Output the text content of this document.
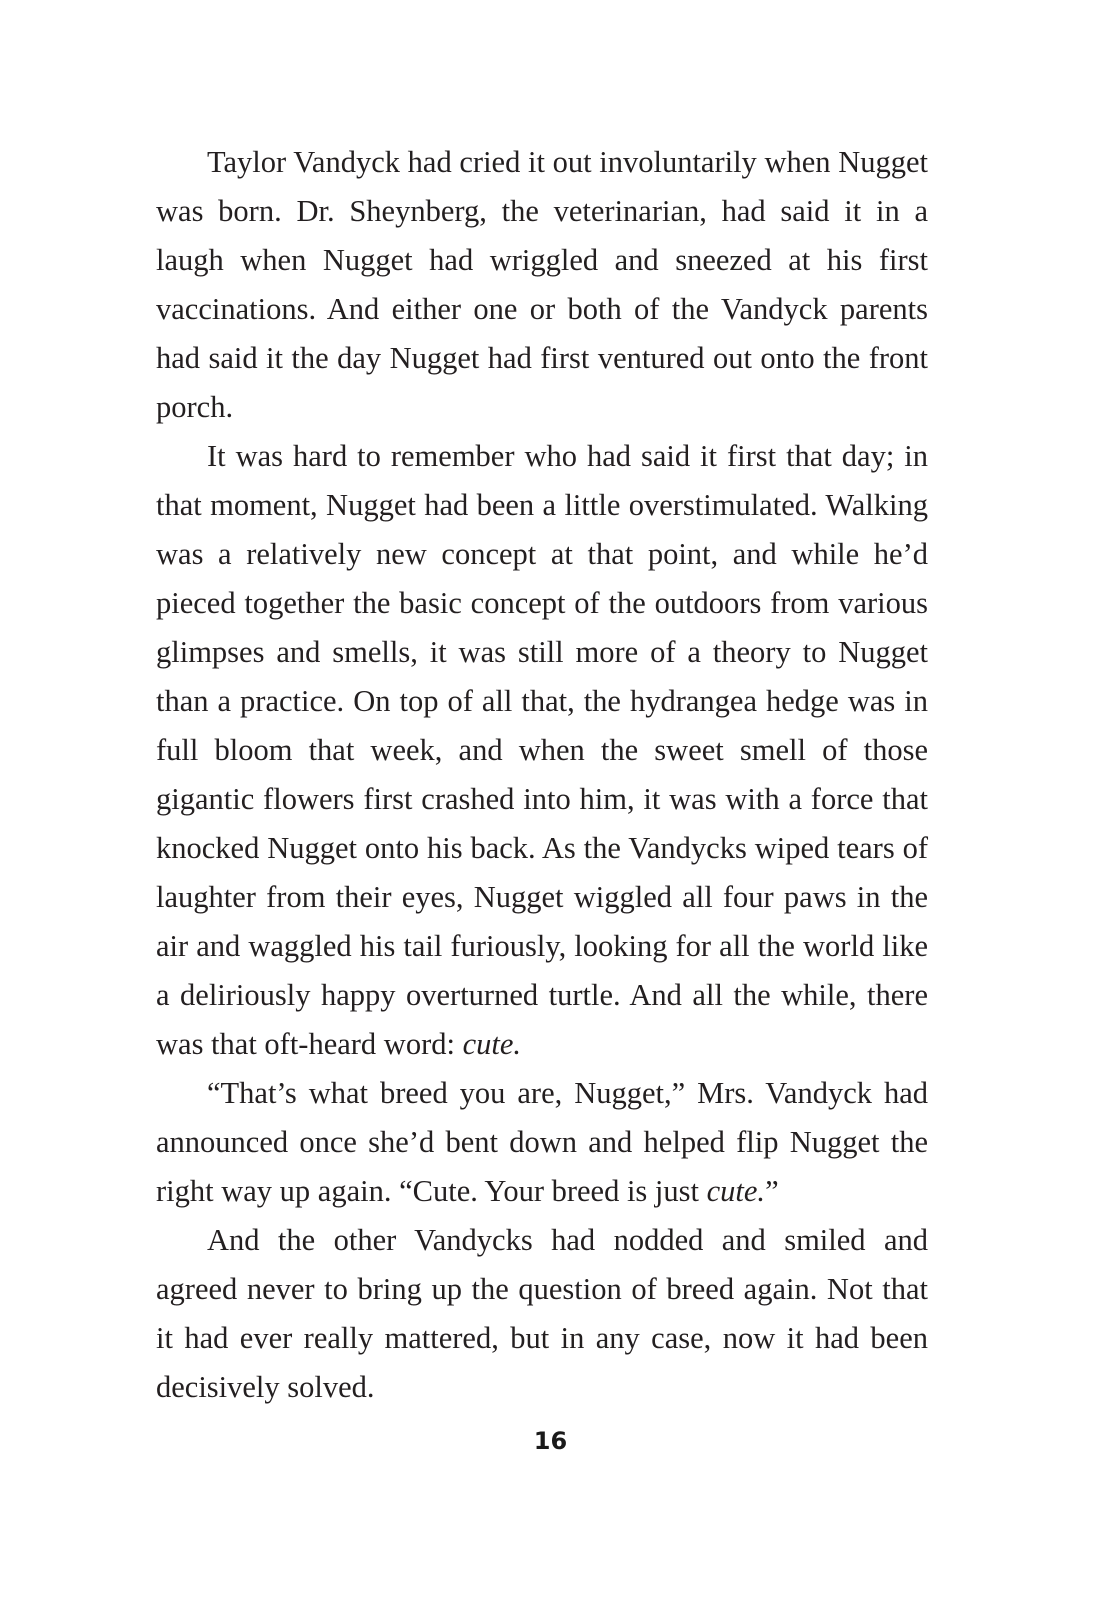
Taylor Vandyck had cried it out involuntarily when Nugget was born. Dr. Sheynberg, the veterinarian, had said it in a laugh when Nugget had wriggled and sneezed at his first vaccinations. And either one or both of the Vandyck parents had said it the day Nugget had first ventured out onto the front porch.

It was hard to remember who had said it first that day; in that moment, Nugget had been a little overstimulated. Walking was a relatively new concept at that point, and while he’d pieced together the basic concept of the outdoors from various glimpses and smells, it was still more of a theory to Nugget than a practice. On top of all that, the hydrangea hedge was in full bloom that week, and when the sweet smell of those gigantic flowers first crashed into him, it was with a force that knocked Nugget onto his back. As the Vandycks wiped tears of laughter from their eyes, Nugget wiggled all four paws in the air and waggled his tail furiously, looking for all the world like a deliriously happy overturned turtle. And all the while, there was that oft-heard word: cute.

“That’s what breed you are, Nugget,” Mrs. Vandyck had announced once she’d bent down and helped flip Nugget the right way up again. “Cute. Your breed is just cute.”

And the other Vandycks had nodded and smiled and agreed never to bring up the question of breed again. Not that it had ever really mattered, but in any case, now it had been decisively solved.

16
